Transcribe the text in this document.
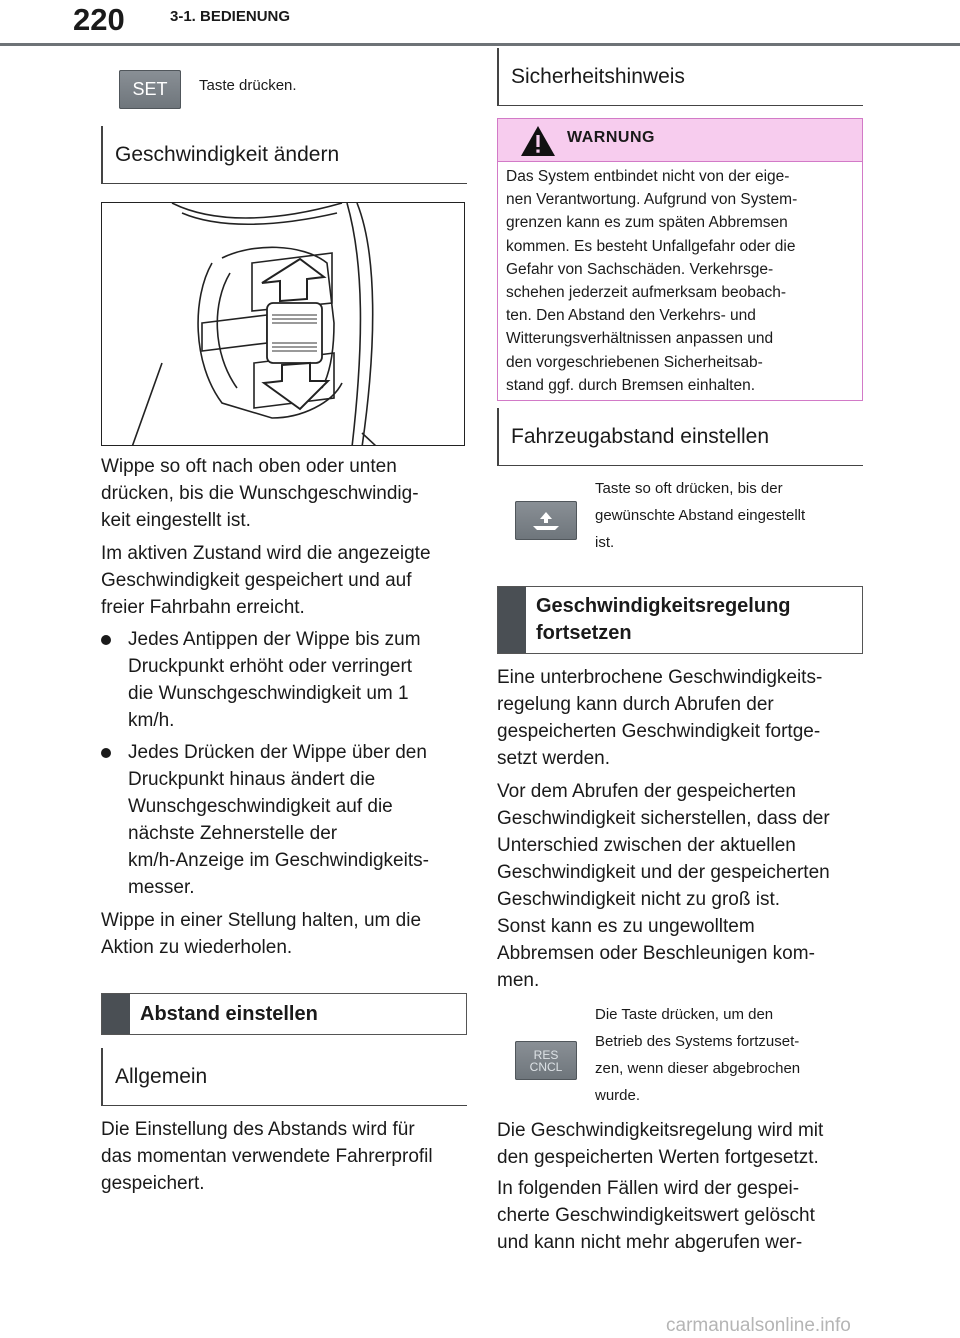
220	3-1. BEDIENUNG
SET Taste drücken.
Geschwindigkeit ändern
Wippe so oft nach oben oder unten
drücken, bis die Wunschgeschwindig-
keit eingestellt ist.
Im aktiven Zustand wird die angezeigte
Geschwindigkeit gespeichert und auf
freier Fahrbahn erreicht.
Jedes Antippen der Wippe bis zum
Druckpunkt erhöht oder verringert
die Wunschgeschwindigkeit um 1
km/h.
Jedes Drücken der Wippe über den
Druckpunkt hinaus ändert die
Wunschgeschwindigkeit auf die
nächste Zehnerstelle der
km/h-Anzeige im Geschwindigkeits-
messer.
Wippe in einer Stellung halten, um die
Aktion zu wiederholen.
Abstand einstellen
Allgemein
Die Einstellung des Abstands wird für
das momentan verwendete Fahrerprofil
gespeichert.
Sicherheitshinweis
WARNUNG
Das System entbindet nicht von der eige-
nen Verantwortung. Aufgrund von System-
grenzen kann es zum späten Abbremsen
kommen. Es besteht Unfallgefahr oder die
Gefahr von Sachschäden. Verkehrsge-
schehen jederzeit aufmerksam beobach-
ten. Den Abstand den Verkehrs- und
Witterungsverhältnissen anpassen und
den vorgeschriebenen Sicherheitsab-
stand ggf. durch Bremsen einhalten.
Fahrzeugabstand einstellen
Taste so oft drücken, bis der
gewünschte Abstand eingestellt
ist.
Geschwindigkeitsregelung
fortsetzen
Eine unterbrochene Geschwindigkeits-
regelung kann durch Abrufen der
gespeicherten Geschwindigkeit fortge-
setzt werden.
Vor dem Abrufen der gespeicherten
Geschwindigkeit sicherstellen, dass der
Unterschied zwischen der aktuellen
Geschwindigkeit und der gespeicherten
Geschwindigkeit nicht zu groß ist.
Sonst kann es zu ungewolltem
Abbremsen oder Beschleunigen kom-
men.
RES
CNCL
Die Taste drücken, um den
Betrieb des Systems fortzuset-
zen, wenn dieser abgebrochen
wurde.
Die Geschwindigkeitsregelung wird mit
den gespeicherten Werten fortgesetzt.
In folgenden Fällen wird der gespei-
cherte Geschwindigkeitswert gelöscht
und kann nicht mehr abgerufen wer-
carmanualsonline.info
